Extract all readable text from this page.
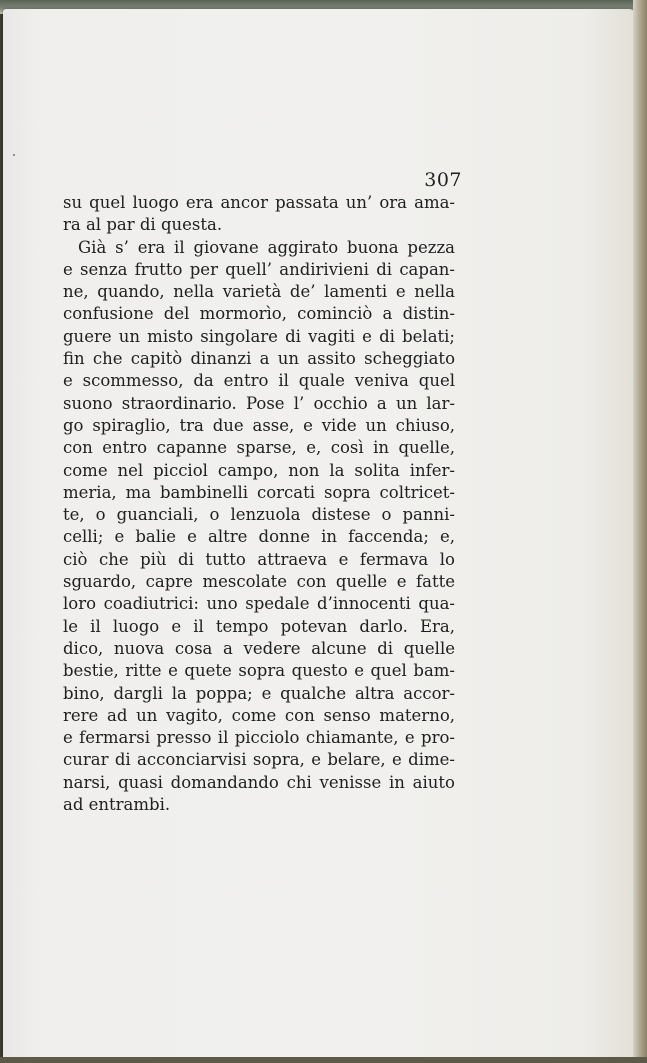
307
su quel luogo era ancor passata un’ ora ama-
ra al par di questa.
Già s’ era il giovane aggirato buona pezza
e senza frutto per quell’ andirivieni di capan-
ne, quando, nella varietà de’ lamenti e nella
confusione del mormorìo, cominciò a distin-
guere un misto singolare di vagiti e di belati;
fin che capitò dinanzi a un assito scheggiato
e scommesso, da entro il quale veniva quel
suono straordinario. Pose l’ occhio a un lar-
go spiraglio, tra due asse, e vide un chiuso,
con entro capanne sparse, e, così in quelle,
come nel picciol campo, non la solita infer-
meria, ma bambinelli corcati sopra coltricet-
te, o guanciali, o lenzuola distese o panni-
celli; e balie e altre donne in faccenda; e,
ciò che più di tutto attraeva e fermava lo
sguardo, capre mescolate con quelle e fatte
loro coadiutrici: uno spedale d’innocenti qua-
le il luogo e il tempo potevan darlo. Era,
dico, nuova cosa a vedere alcune di quelle
bestie, ritte e quete sopra questo e quel bam-
bino, dargli la poppa; e qualche altra accor-
rere ad un vagito, come con senso materno,
e fermarsi presso il picciolo chiamante, e pro-
curar di acconciarvisi sopra, e belare, e dime-
narsi, quasi domandando chi venisse in aiuto
ad entrambi.
